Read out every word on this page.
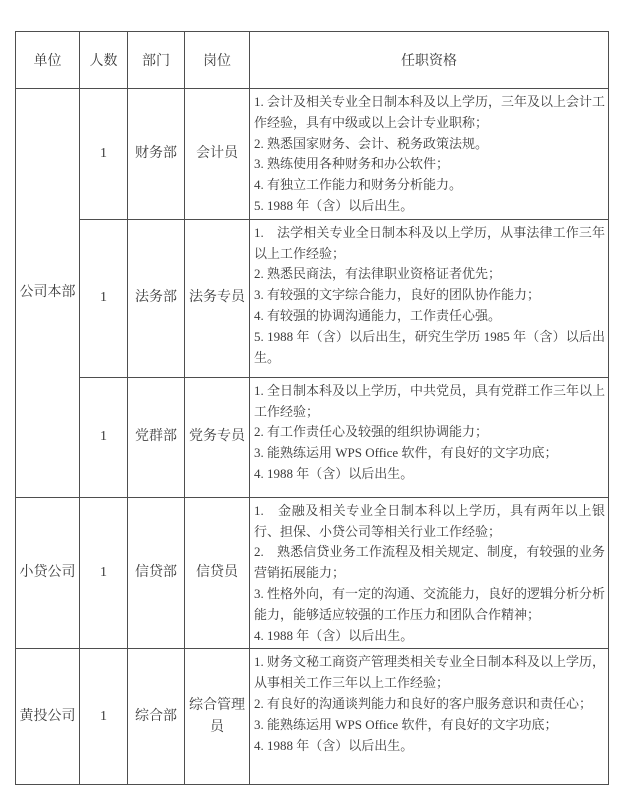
单位	人数	部门	岗位	任职资格
公司本部	1	财务部	会计员	1. 会计及相关专业全日制本科及以上学历，三年及以上会计工作经验，具有中级或以上会计专业职称；
2. 熟悉国家财务、会计、税务政策法规。
3. 熟练使用各种财务和办公软件；
4. 有独立工作能力和财务分析能力。
5. 1988 年（含）以后出生。

	1	法务部	法务专员	1.　法学相关专业全日制本科及以上学历，从事法律工作三年以上工作经验；
2. 熟悉民商法，有法律职业资格证者优先；
3. 有较强的文字综合能力，良好的团队协作能力；
4. 有较强的协调沟通能力，工作责任心强。
5. 1988 年（含）以后出生，研究生学历 1985 年（含）以后出生。

	1	党群部	党务专员	1. 全日制本科及以上学历，中共党员，具有党群工作三年以上工作经验；
2. 有工作责任心及较强的组织协调能力；
3. 能熟练运用 WPS Office 软件，有良好的文字功底；
4. 1988 年（含）以后出生。

小贷公司	1	信贷部	信贷员	1.　金融及相关专业全日制本科以上学历，具有两年以上银行、担保、小贷公司等相关行业工作经验；
2.　熟悉信贷业务工作流程及相关规定、制度，有较强的业务营销拓展能力；
3. 性格外向，有一定的沟通、交流能力，良好的逻辑分析分析能力，能够适应较强的工作压力和团队合作精神；
4. 1988 年（含）以后出生。

黄投公司	1	综合部	综合管理员	1. 财务文秘工商资产管理类相关专业全日制本科及以上学历，从事相关工作三年以上工作经验；
2. 有良好的沟通谈判能力和良好的客户服务意识和责任心；
3. 能熟练运用 WPS Office 软件，有良好的文字功底；
4. 1988 年（含）以后出生。
